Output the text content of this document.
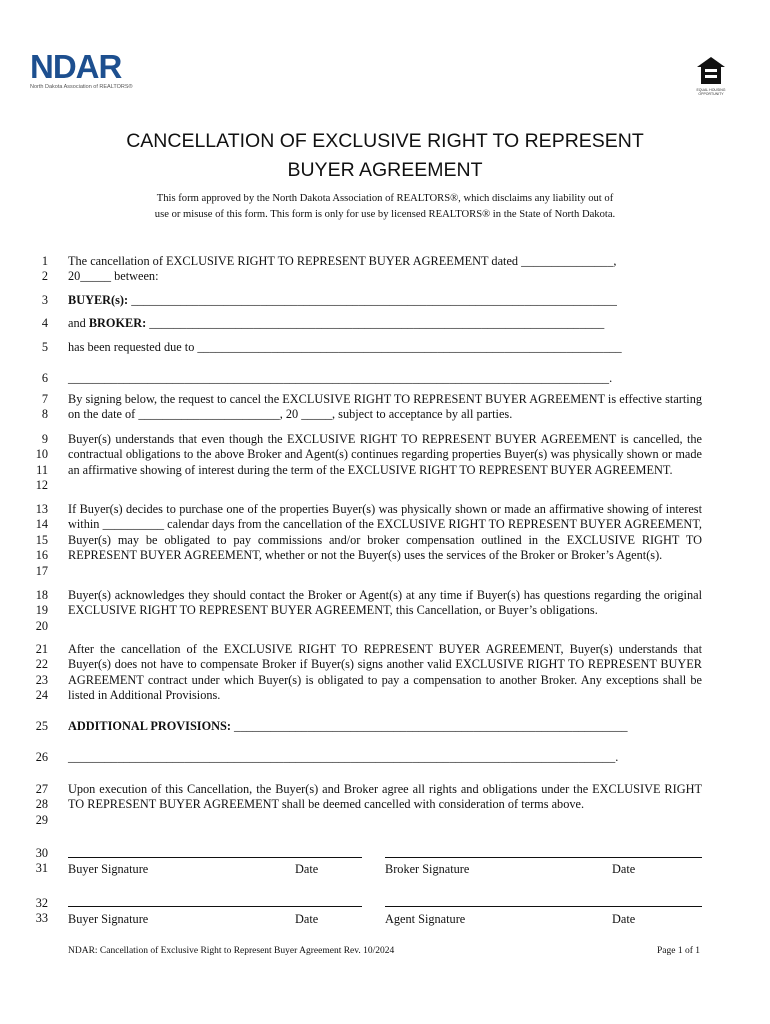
NDAR
North Dakota Association of REALTORS®	EQUAL HOUSING OPPORTUNITY
CANCELLATION OF EXCLUSIVE RIGHT TO REPRESENT
BUYER AGREEMENT
This form approved by the North Dakota Association of REALTORS®, which disclaims any liability out of
use or misuse of this form. This form is only for use by licensed REALTORS® in the State of North Dakota.
1
2
The cancellation of EXCLUSIVE RIGHT TO REPRESENT BUYER AGREEMENT dated _______________,
20_____ between:
3 BUYER(s): _______________________________________________________________________________
4 and BROKER: __________________________________________________________________________
5 has been requested due to _____________________________________________________________________
6 ________________________________________________________________________________________.
7
8
By signing below, the request to cancel the EXCLUSIVE RIGHT TO REPRESENT BUYER AGREEMENT is effective starting on the date of _______________________, 20 _____, subject to acceptance by all parties.
9
10
11
12
Buyer(s) understands that even though the EXCLUSIVE RIGHT TO REPRESENT BUYER AGREEMENT is cancelled, the contractual obligations to the above Broker and Agent(s) continues regarding properties Buyer(s) was physically shown or made an affirmative showing of interest during the term of the EXCLUSIVE RIGHT TO REPRESENT BUYER AGREEMENT.
13
14
15
16
17
If Buyer(s) decides to purchase one of the properties Buyer(s) was physically shown or made an affirmative showing of interest within __________ calendar days from the cancellation of the EXCLUSIVE RIGHT TO REPRESENT BUYER AGREEMENT, Buyer(s) may be obligated to pay commissions and/or broker compensation outlined in the EXCLUSIVE RIGHT TO REPRESENT BUYER AGREEMENT, whether or not the Buyer(s) uses the services of the Broker or Broker’s Agent(s).
18
19
20
Buyer(s) acknowledges they should contact the Broker or Agent(s) at any time if Buyer(s) has questions regarding the original EXCLUSIVE RIGHT TO REPRESENT BUYER AGREEMENT, this Cancellation, or Buyer’s obligations.
21
22
23
24
After the cancellation of the EXCLUSIVE RIGHT TO REPRESENT BUYER AGREEMENT, Buyer(s) understands that Buyer(s) does not have to compensate Broker if Buyer(s) signs another valid EXCLUSIVE RIGHT TO REPRESENT BUYER AGREEMENT contract under which Buyer(s) is obligated to pay a compensation to another Broker. Any exceptions shall be listed in Additional Provisions.
25 ADDITIONAL PROVISIONS: ________________________________________________________________
26 _________________________________________________________________________________________.
27
28
29
Upon execution of this Cancellation, the Buyer(s) and Broker agree all rights and obligations under the EXCLUSIVE RIGHT TO REPRESENT BUYER AGREEMENT shall be deemed cancelled with consideration of terms above.
30
31 Buyer Signature	Date	Broker Signature	Date
32
33 Buyer Signature	Date	Agent Signature	Date
NDAR: Cancellation of Exclusive Right to Represent Buyer Agreement Rev. 10/2024	Page 1 of 1
